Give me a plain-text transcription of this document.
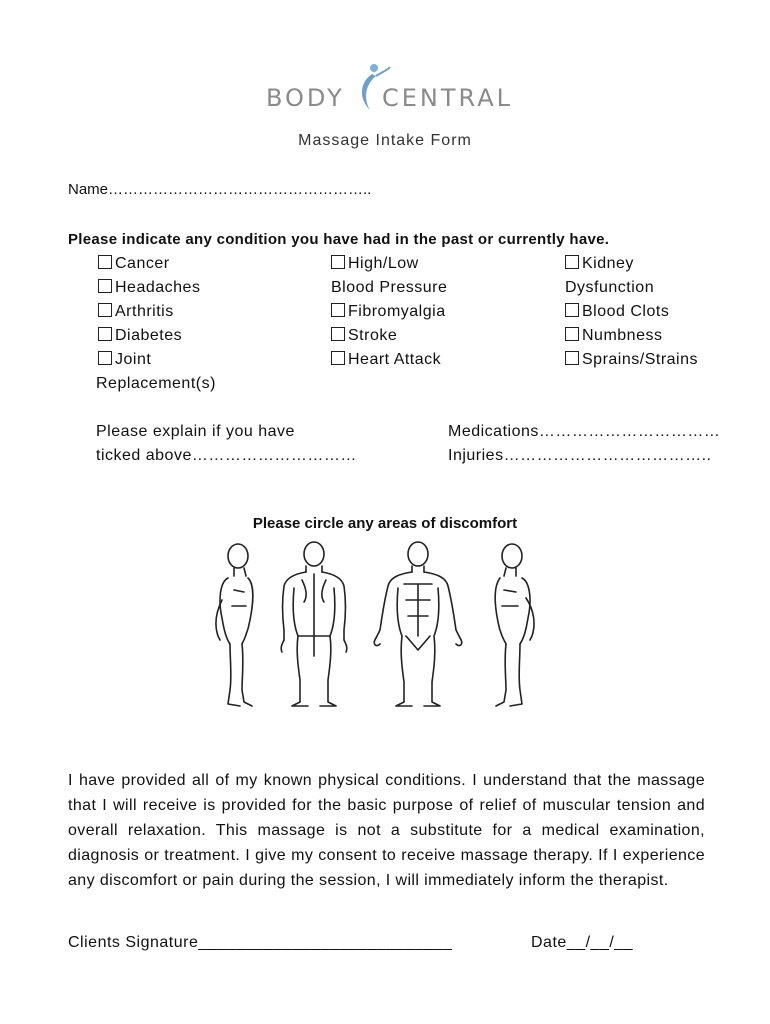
BODY CENTRAL
Massage Intake Form
Name……………………………………………..
Please indicate any condition you have had in the past or currently have.
Cancer
Headaches
Arthritis
Diabetes
Joint
Replacement(s)
High/Low
Blood Pressure
Fibromyalgia
Stroke
Heart Attack
Kidney
Dysfunction
Blood Clots
Numbness
Sprains/Strains
Please explain if you have
ticked above…………………………
Medications……………………………
Injuries………………………………..
Please circle any areas of discomfort
I have provided all of my known physical conditions. I understand that the massage that I will receive is provided for the basic purpose of relief of muscular tension and overall relaxation. This massage is not a substitute for a medical examination, diagnosis or treatment. I give my consent to receive massage therapy. If I experience any discomfort or pain during the session, I will immediately inform the therapist.
Clients Signature___________________________	Date__/__/__
